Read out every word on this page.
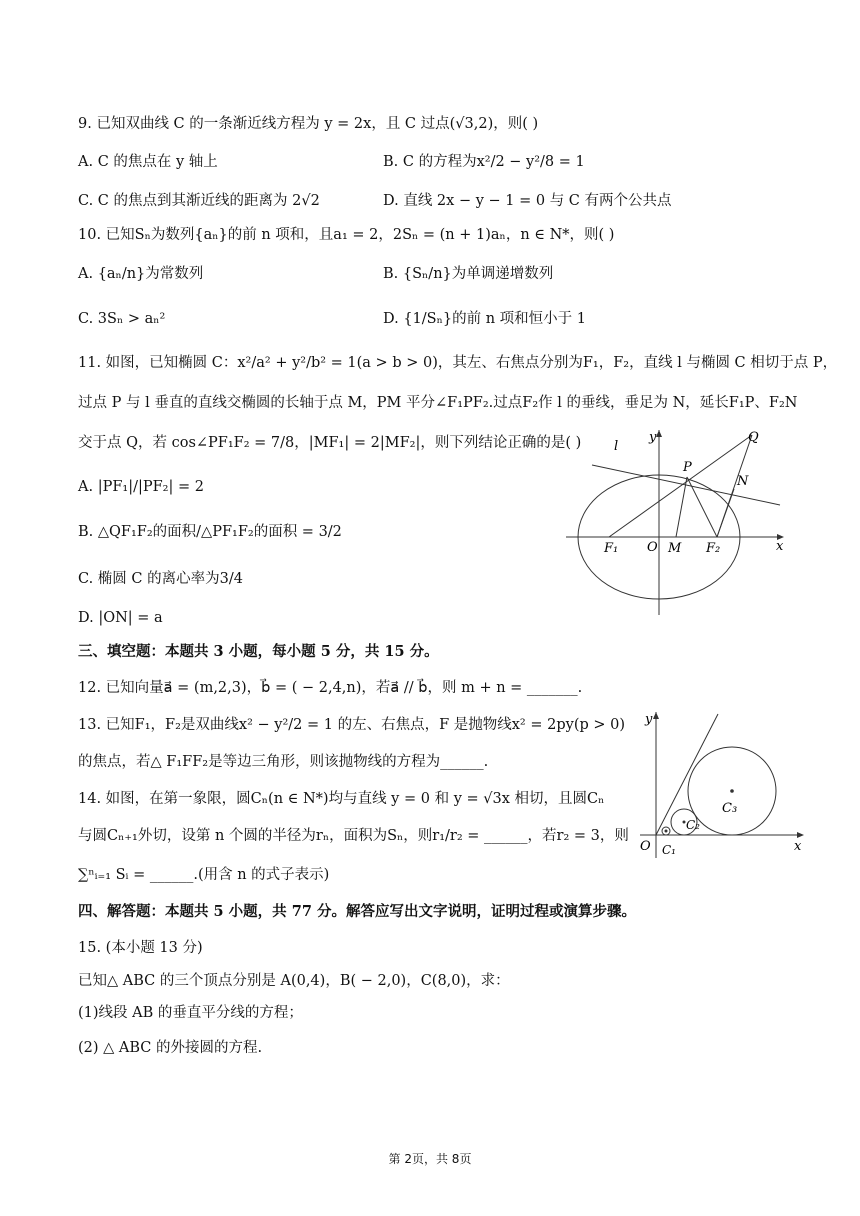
9. 已知双曲线 C 的一条渐近线方程为 y = 2x，且 C 过点(√3,2)，则( )
A. C 的焦点在 y 轴上	B. C 的方程为x²/2 − y²/8 = 1
C. C 的焦点到其渐近线的距离为 2√2	D. 直线 2x − y − 1 = 0 与 C 有两个公共点
10. 已知Sₙ为数列{aₙ}的前 n 项和，且a₁ = 2，2Sₙ = (n + 1)aₙ，n ∈ N*，则( )
A. {aₙ/n}为常数列	B. {Sₙ/n}为单调递增数列
C. 3Sₙ > aₙ²	D. {1/Sₙ}的前 n 项和恒小于 1
11. 如图，已知椭圆 C：x²/a² + y²/b² = 1(a > b > 0)，其左、右焦点分别为F₁，F₂，直线 l 与椭圆 C 相切于点 P，
过点 P 与 l 垂直的直线交椭圆的长轴于点 M，PM 平分∠F₁PF₂.过点F₂作 l 的垂线，垂足为 N，延长F₁P、F₂N
交于点 Q，若 cos∠PF₁F₂ = 7/8，|MF₁| = 2|MF₂|，则下列结论正确的是( )
A. |PF₁|/|PF₂| = 2
B. △QF₁F₂的面积/△PF₁F₂的面积 = 3/2
C. 椭圆 C 的离心率为3/4
D. |ON| = a
y
x
l
Q
P
N
F₁ O M F₂
三、填空题：本题共 3 小题，每小题 5 分，共 15 分。
12. 已知向量a⃗ = (m,2,3)，b⃗ = ( − 2,4,n)，若a⃗ // b⃗，则 m + n = _______.
13. 已知F₁，F₂是双曲线x² − y²/2 = 1 的左、右焦点，F 是抛物线x² = 2py(p > 0)
的焦点，若△ F₁FF₂是等边三角形，则该抛物线的方程为______.
14. 如图，在第一象限，圆Cₙ(n ∈ N*)均与直线 y = 0 和 y = √3x 相切，且圆Cₙ
与圆Cₙ₊₁外切，设第 n 个圆的半径为rₙ，面积为Sₙ，则r₁/r₂ = ______，若r₂ = 3，则
∑ⁿᵢ₌₁ Sᵢ = ______.(用含 n 的式子表示)
y
x
O C₁
C₂
C₃
四、解答题：本题共 5 小题，共 77 分。解答应写出文字说明，证明过程或演算步骤。
15. (本小题 13 分)
已知△ ABC 的三个顶点分别是 A(0,4)，B( − 2,0)，C(8,0)，求：
(1)线段 AB 的垂直平分线的方程；
(2) △ ABC 的外接圆的方程.
第 2页，共 8页
